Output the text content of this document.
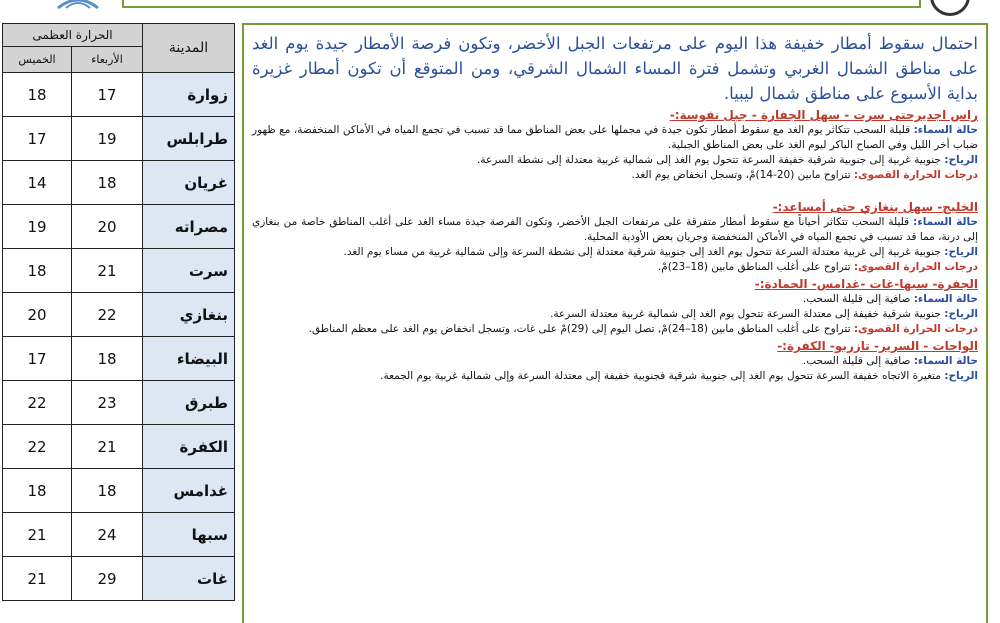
الحرارة العظمى		المدينة
الخميس	الأربعاء	
18	17	زوارة
17	19	طرابلس
14	18	غريان
19	20	مصراته
18	21	سرت
20	22	بنغازي
17	18	البيضاء
22	23	طبرق
22	21	الكفرة
18	18	غدامس
21	24	سبها
21	29	غات

احتمال سقوط أمطار خفيفة هذا اليوم على مرتفعات الجبل الأخضر، وتكون فرصة الأمطار جيدة يوم الغد على مناطق الشمال الغربي وتشمل فترة المساء الشمال الشرقي، ومن المتوقع أن تكون أمطار غزيرة بداية الأسبوع على مناطق شمال ليبيا.

راس اجديرحتى سرت - سهل الجفارة - جبل نفوسة:-

حالة السماء: قليلة السحب تتكاثر يوم الغد مع سقوط أمطار تكون جيدة في مجملها على بعض المناطق مما قد تسبب في تجمع المياه في الأماكن المنخفضة، مع ظهور ضباب أخر الليل وفي الصباح الباكر ليوم الغد على بعض المناطق الجبلية.

الرياح: جنوبية غربية إلى جنوبية شرقية خفيفة السرعة تتحول يوم الغد إلى شمالية غربية معتدلة إلى نشطة السرعة.

درجات الحرارة القصوى: تتراوح مابين (20-14)مْ، وتسجل انخفاض يوم الغد.

الخليج- سهل بنغازي حتى أمساعد:-

حالة السماء: قليلة السحب تتكاثر أحياناً مع سقوط أمطار متفرقة على مرتفعات الجبل الأخضر، وتكون الفرصة جيدة مساء الغد على أغلب المناطق خاصة من بنغازي إلى درنة، مما قد تسبب في تجمع المياه في الأماكن المنخفضة وجريان بعض الأودية المحلية.

الرياح: جنوبية غربية إلى غربية معتدلة السرعة تتحول يوم الغد إلى جنوبية شرقية معتدلة إلى نشطة السرعة وإلى شمالية غربية من مساء يوم الغد.

درجات الحرارة القصوى: تتراوح على أغلب المناطق مابين (18–23)مْ.

الجفرة- سبها-غات -غدامس- الحمادة:-

حالة السماء: صافية إلى قليلة السحب.

الرياح: جنوبية شرقية خفيفة إلى معتدلة السرعة تتحول يوم الغد إلى شمالية غربية معتدلة السرعة.

درجات الحرارة القصوى: تتراوح على أغلب المناطق مابين (18–24)مْ, تصل اليوم إلى (29)مْ على غات، وتسجل انخفاض يوم الغد على معظم المناطق.

الواحات - السرير- تازربو- الكفرة:-

حالة السماء: صافية إلى قليلة السحب.

الرياح: متغيرة الاتجاه خفيفة السرعة تتحول يوم الغد إلى جنوبية شرقية فجنوبية خفيفة إلى معتدلة السرعة وإلى شمالية غربية يوم الجمعة.
